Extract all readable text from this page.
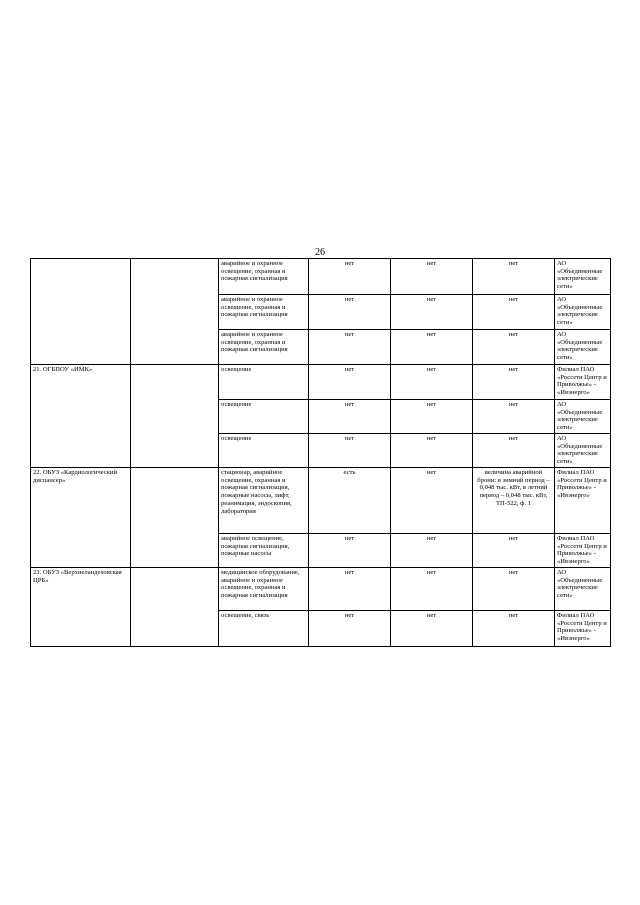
26
		аварийное и охранное освещение, охранная и пожарная сигнализация	нет	нет	нет	АО «Объединенные электрические сети»
		аварийное и охранное освещение, охранная и пожарная сигнализация	нет	нет	нет	АО «Объединенные электрические сети»
		аварийное и охранное освещение, охранная и пожарная сигнализация	нет	нет	нет	АО «Объединенные электрические сети»
21. ОГБПОУ «ИМК»		освещение	нет	нет	нет	Филиал ПАО «Россети Центр и Приволжье» - «Ивэнерго»
		освещение	нет	нет	нет	АО «Объединенные электрические сети»
		освещение	нет	нет	нет	АО «Объединенные электрические сети»
22. ОБУЗ «Кардиологический диспансер»		стационар, аварийное освещение, охранная и пожарная сигнализация, пожарные насосы, лифт, реанимация, эндоскопия, лаборатория	есть	нет	величина аварийной брони: в зимний период – 0,048 тыс. кВт, в летний период – 0,048 тыс. кВт, ТП-522, ф. 1	Филиал ПАО «Россети Центр и Приволжье» - «Ивэнерго»
		аварийное освещение, пожарная сигнализация, пожарные насосы	нет	нет	нет	Филиал ПАО «Россети Центр и Приволжье» - «Ивэнерго»
23. ОБУЗ «Верхнеландеховская ЦРБ»		медицинское оборудование, аварийное и охранное освещение, охранная и пожарная сигнализация	нет	нет	нет	АО «Объединенные электрические сети»
		освещение, связь	нет	нет	нет	Филиал ПАО «Россети Центр и Приволжье» - «Ивэнерго»
